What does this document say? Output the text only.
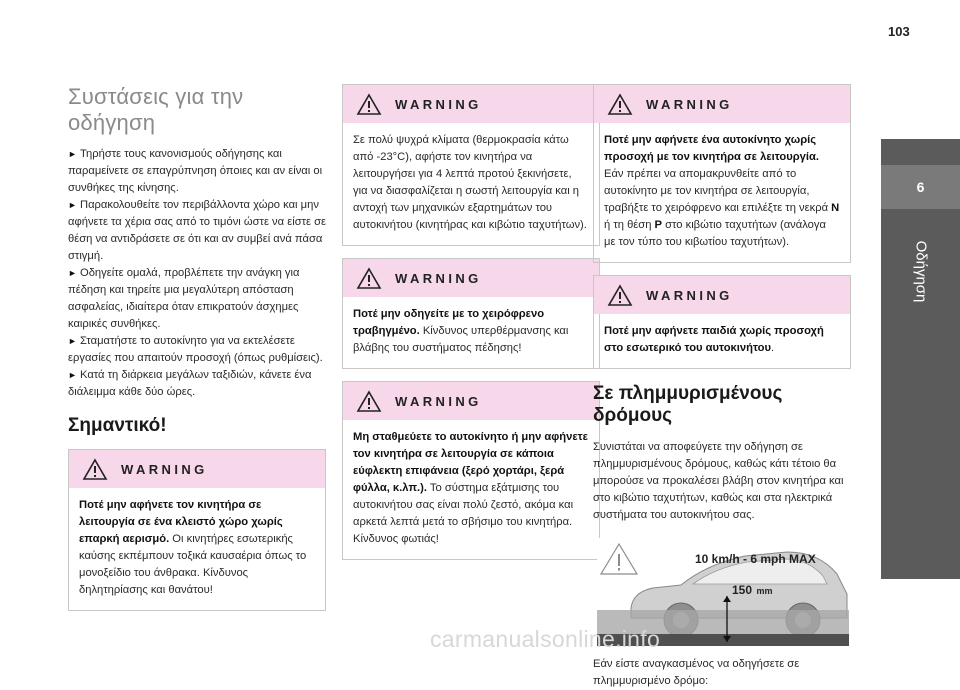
103
6
Οδήγηση
Συστάσεις για την οδήγηση
► Τηρήστε τους κανονισμούς οδήγησης και παραμείνετε σε επαγρύπνηση όποιες και αν είναι οι συνθήκες της κίνησης.
► Παρακολουθείτε τον περιβάλλοντα χώρο και μην αφήνετε τα χέρια σας από το τιμόνι ώστε να είστε σε θέση να αντιδράσετε σε ότι και αν συμβεί ανά πάσα στιγμή.
► Οδηγείτε ομαλά, προβλέπετε την ανάγκη για πέδηση και τηρείτε μια μεγαλύτερη απόσταση ασφαλείας, ιδιαίτερα όταν επικρατούν άσχημες καιρικές συνθήκες.
► Σταματήστε το αυτοκίνητο για να εκτελέσετε εργασίες που απαιτούν προσοχή (όπως ρυθμίσεις).
► Κατά τη διάρκεια μεγάλων ταξιδιών, κάνετε ένα διάλειμμα κάθε δύο ώρες.
Σημαντικό!
WARNING
Ποτέ μην αφήνετε τον κινητήρα σε λειτουργία σε ένα κλειστό χώρο χωρίς επαρκή αερισμό. Οι κινητήρες εσωτερικής καύσης εκπέμπουν τοξικά καυσαέρια όπως το μονοξείδιο του άνθρακα. Κίνδυνος δηλητηρίασης και θανάτου!
WARNING
Σε πολύ ψυχρά κλίματα (θερμοκρασία κάτω από -23°C), αφήστε τον κινητήρα να λειτουργήσει για 4 λεπτά προτού ξεκινήσετε, για να διασφαλίζεται η σωστή λειτουργία και η αντοχή των μηχανικών εξαρτημάτων του αυτοκινήτου (κινητήρας και κιβώτιο ταχυτήτων).
WARNING
Ποτέ μην οδηγείτε με το χειρόφρενο τραβηγμένο. Κίνδυνος υπερθέρμανσης και βλάβης του συστήματος πέδησης!
WARNING
Μη σταθμεύετε το αυτοκίνητο ή μην αφήνετε τον κινητήρα σε λειτουργία σε κάποια εύφλεκτη επιφάνεια (ξερό χορτάρι, ξερά φύλλα, κ.λπ.). Το σύστημα εξάτμισης του αυτοκινήτου σας είναι πολύ ζεστό, ακόμα και αρκετά λεπτά μετά το σβήσιμο του κινητήρα. Κίνδυνος φωτιάς!
WARNING
Ποτέ μην αφήνετε ένα αυτοκίνητο χωρίς προσοχή με τον κινητήρα σε λειτουργία. Εάν πρέπει να απομακρυνθείτε από το αυτοκίνητο με τον κινητήρα σε λειτουργία, τραβήξτε το χειρόφρενο και επιλέξτε τη νεκρά N ή τη θέση P στο κιβώτιο ταχυτήτων (ανάλογα με τον τύπο του κιβωτίου ταχυτήτων).
WARNING
Ποτέ μην αφήνετε παιδιά χωρίς προσοχή στο εσωτερικό του αυτοκινήτου.
Σε πλημμυρισμένους δρόμους
Συνιστάται να αποφεύγετε την οδήγηση σε πλημμυρισμένους δρόμους, καθώς κάτι τέτοιο θα μπορούσε να προκαλέσει βλάβη στον κινητήρα και στο κιβώτιο ταχυτήτων, καθώς και στα ηλεκτρικά συστήματα του αυτοκινήτου σας.
10 km/h - 6 mph MAX
150 mm
Εάν είστε αναγκασμένος να οδηγήσετε σε πλημμυρισμένο δρόμο:
carmanualsonline.info
